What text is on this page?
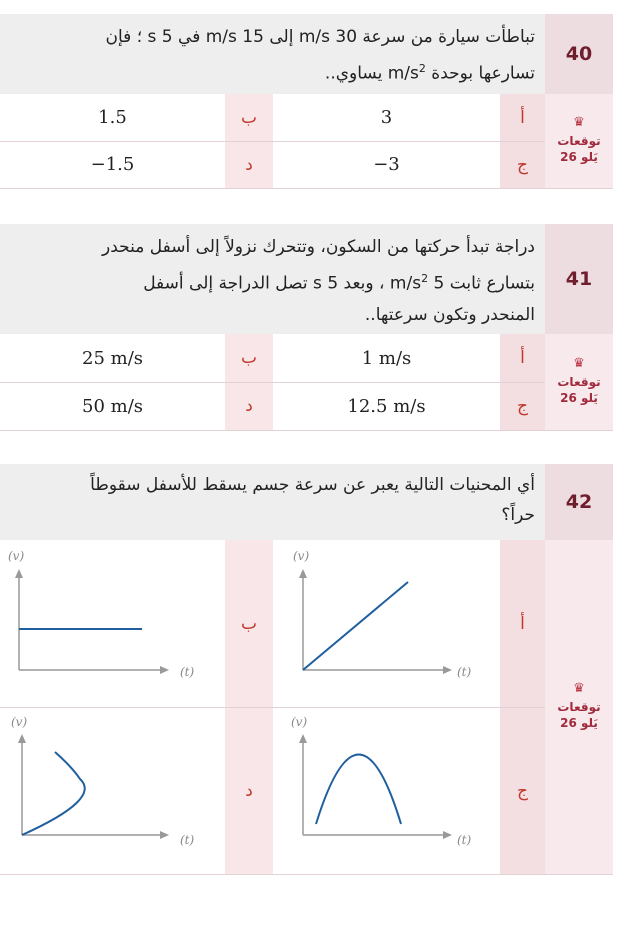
تباطأت سيارة من سرعة 30 m/s إلى 15 m/s في 5 s ؛ فإن
تسارعها بوحدة $m/s^2$ يساوي..
40
♛
توقعات
يَلو 26
أ
3
ب
1.5
ج
−3
د
−1.5
دراجة تبدأ حركتها من السكون، وتتحرك نزولاً إلى أسفل منحدر
بتسارع ثابت 5 $m/s^2$ ، وبعد 5 s تصل الدراجة إلى أسفل
المنحدر وتكون سرعتها..
41
♛
توقعات
يَلو 26
أ
1 m/s
ب
25 m/s
ج
12.5 m/s
د
50 m/s
أي المحنيات التالية يعبر عن سرعة جسم يسقط للأسفل سقوطاً
حراً؟
42
♛
توقعات
يَلو 26
أ
ب
ج
د
(v)
(t)
(v)
(t)
(v)
(t)
(v)
(t)
